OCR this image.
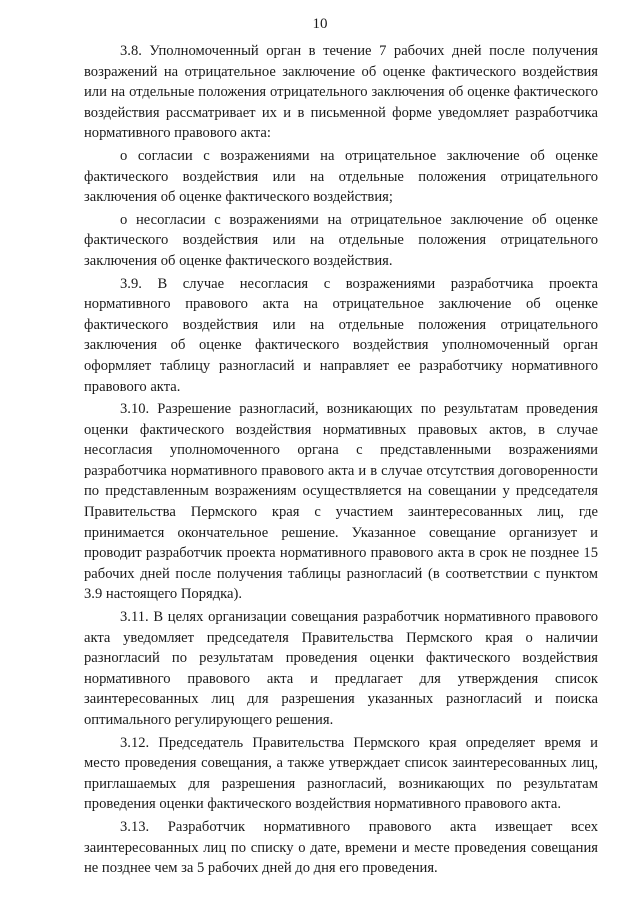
10

3.8. Уполномоченный орган в течение 7 рабочих дней после получения возражений на отрицательное заключение об оценке фактического воздействия или на отдельные положения отрицательного заключения об оценке фактического воздействия рассматривает их и в письменной форме уведомляет разработчика нормативного правового акта:

о согласии с возражениями на отрицательное заключение об оценке фактического воздействия или на отдельные положения отрицательного заключения об оценке фактического воздействия;

о несогласии с возражениями на отрицательное заключение об оценке фактического воздействия или на отдельные положения отрицательного заключения об оценке фактического воздействия.

3.9. В случае несогласия с возражениями разработчика проекта нормативного правового акта на отрицательное заключение об оценке фактического воздействия или на отдельные положения отрицательного заключения об оценке фактического воздействия уполномоченный орган оформляет таблицу разногласий и направляет ее разработчику нормативного правового акта.

3.10. Разрешение разногласий, возникающих по результатам проведения оценки фактического воздействия нормативных правовых актов, в случае несогласия уполномоченного органа с представленными возражениями разработчика нормативного правового акта и в случае отсутствия договоренности по представленным возражениям осуществляется на совещании у председателя Правительства Пермского края с участием заинтересованных лиц, где принимается окончательное решение. Указанное совещание организует и проводит разработчик проекта нормативного правового акта в срок не позднее 15 рабочих дней после получения таблицы разногласий (в соответствии с пунктом 3.9 настоящего Порядка).

3.11. В целях организации совещания разработчик нормативного правового акта уведомляет председателя Правительства Пермского края о наличии разногласий по результатам проведения оценки фактического воздействия нормативного правового акта и предлагает для утверждения список заинтересованных лиц для разрешения указанных разногласий и поиска оптимального регулирующего решения.

3.12. Председатель Правительства Пермского края определяет время и место проведения совещания, а также утверждает список заинтересованных лиц, приглашаемых для разрешения разногласий, возникающих по результатам проведения оценки фактического воздействия нормативного правового акта.

3.13. Разработчик нормативного правового акта извещает всех заинтересованных лиц по списку о дате, времени и месте проведения совещания не позднее чем за 5 рабочих дней до дня его проведения.
